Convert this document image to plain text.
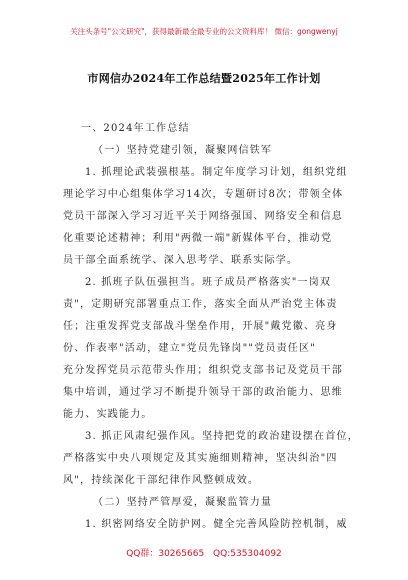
关注头条号"公文研究"，获得最新最全最专业的公文资料库！ 微信：gongwenyj
市网信办2024年工作总结暨2025年工作计划
一、2024年工作总结
（一）坚持党建引领，凝聚网信铁军
1. 抓理论武装强根基。制定年度学习计划，组织党组
理论学习中心组集体学习14次，专题研讨8次；带领全体
党员干部深入学习习近平关于网络强国、网络安全和信息
化重要论述精神；利用"两微一端"新媒体平台，推动党
员干部全面系统学、深入思考学、联系实际学。
2. 抓班子队伍强担当。班子成员严格落实"一岗双
责"，定期研究部署重点工作，落实全面从严治党主体责
任；注重发挥党支部战斗堡垒作用，开展"戴党徽、亮身
份、作表率"活动，建立"党员先锋岗""党员责任区"
充分发挥党员示范带头作用；组织党支部书记及党员干部
集中培训，通过学习不断提升领导干部的政治能力、思维
能力、实践能力。
3. 抓正风肃纪强作风。坚持把党的政治建设摆在首位，
严格落实中央八项规定及其实施细则精神，坚决纠治"四
风"，持续深化干部纪律作风整顿成效。
（二）坚持严管厚爱，凝聚监管力量
1. 织密网络安全防护网。健全完善风险防控机制，威
QQ群：30265665 QQ:535304092
